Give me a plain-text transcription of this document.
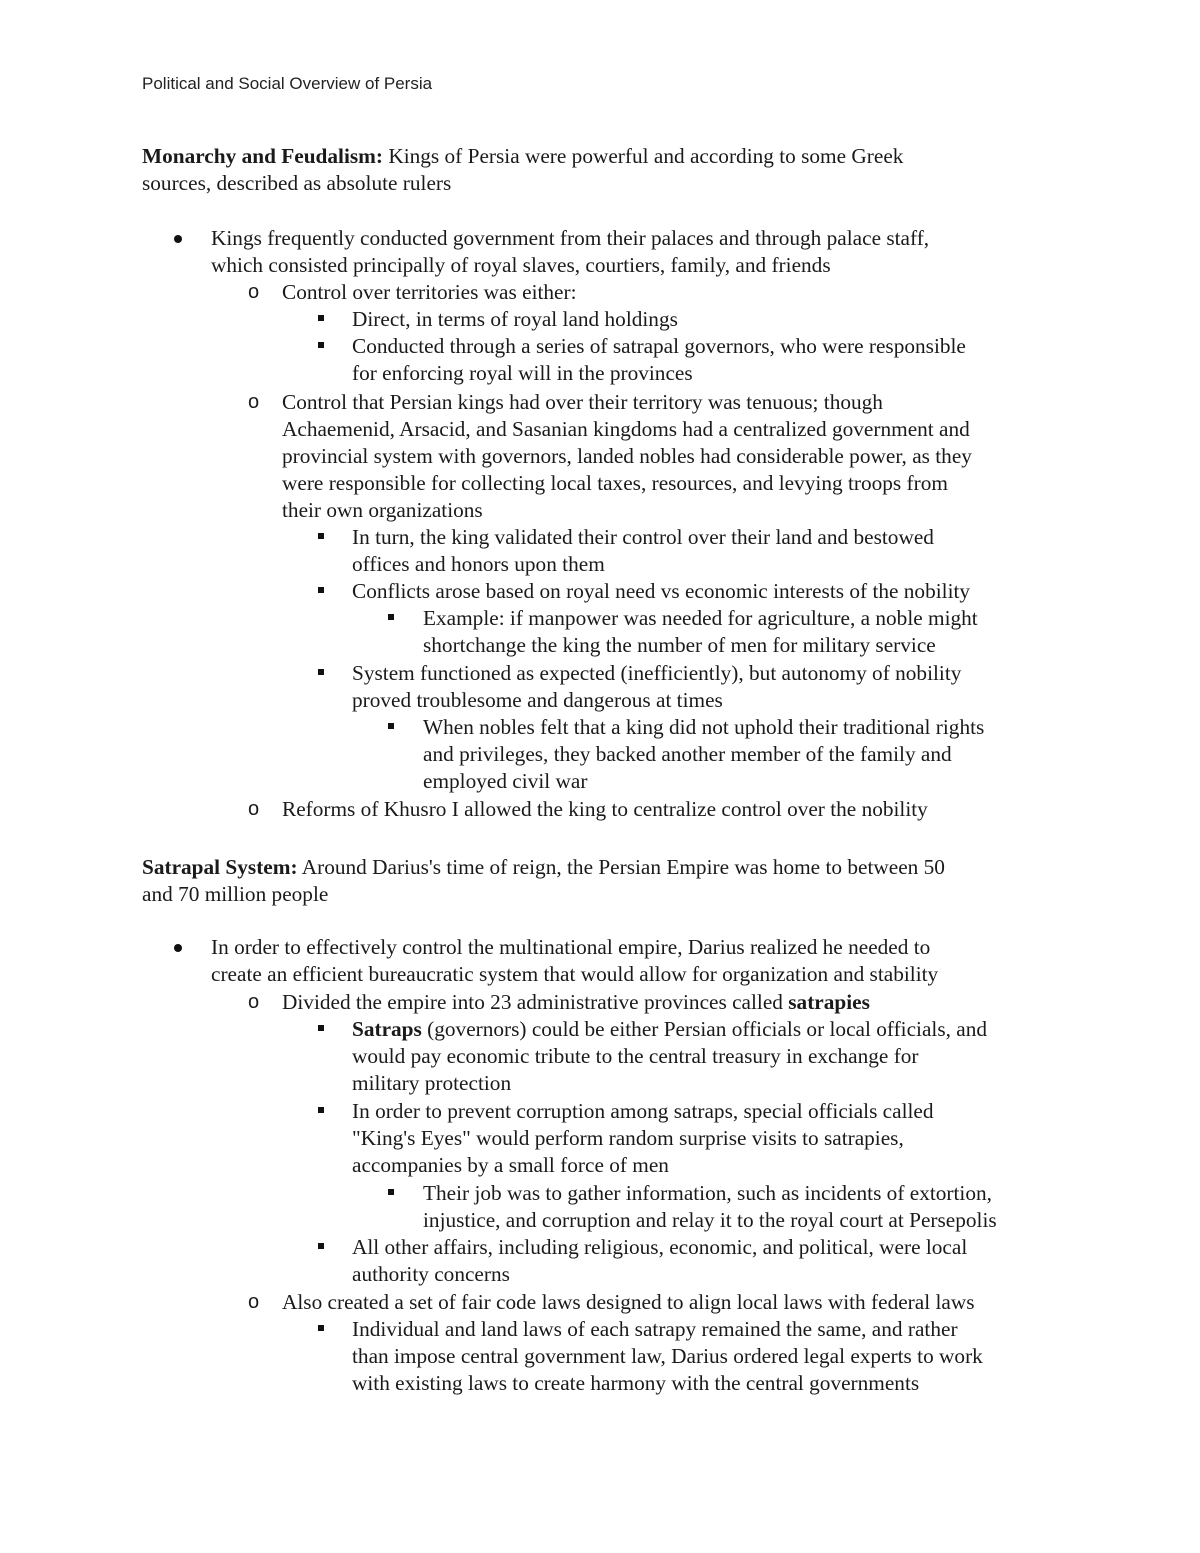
Political and Social Overview of Persia
Monarchy and Feudalism: Kings of Persia were powerful and according to some Greek
sources, described as absolute rulers
Kings frequently conducted government from their palaces and through palace staff,
which consisted principally of royal slaves, courtiers, family, and friends
o Control over territories was either:
Direct, in terms of royal land holdings
Conducted through a series of satrapal governors, who were responsible
for enforcing royal will in the provinces
o Control that Persian kings had over their territory was tenuous; though
Achaemenid, Arsacid, and Sasanian kingdoms had a centralized government and
provincial system with governors, landed nobles had considerable power, as they
were responsible for collecting local taxes, resources, and levying troops from
their own organizations
In turn, the king validated their control over their land and bestowed
offices and honors upon them
Conflicts arose based on royal need vs economic interests of the nobility
Example: if manpower was needed for agriculture, a noble might
shortchange the king the number of men for military service
System functioned as expected (inefficiently), but autonomy of nobility
proved troublesome and dangerous at times
When nobles felt that a king did not uphold their traditional rights
and privileges, they backed another member of the family and
employed civil war
o Reforms of Khusro I allowed the king to centralize control over the nobility
Satrapal System: Around Darius's time of reign, the Persian Empire was home to between 50
and 70 million people
In order to effectively control the multinational empire, Darius realized he needed to
create an efficient bureaucratic system that would allow for organization and stability
o Divided the empire into 23 administrative provinces called satrapies
Satraps (governors) could be either Persian officials or local officials, and
would pay economic tribute to the central treasury in exchange for
military protection
In order to prevent corruption among satraps, special officials called
"King's Eyes" would perform random surprise visits to satrapies,
accompanies by a small force of men
Their job was to gather information, such as incidents of extortion,
injustice, and corruption and relay it to the royal court at Persepolis
All other affairs, including religious, economic, and political, were local
authority concerns
o Also created a set of fair code laws designed to align local laws with federal laws
Individual and land laws of each satrapy remained the same, and rather
than impose central government law, Darius ordered legal experts to work
with existing laws to create harmony with the central governments
